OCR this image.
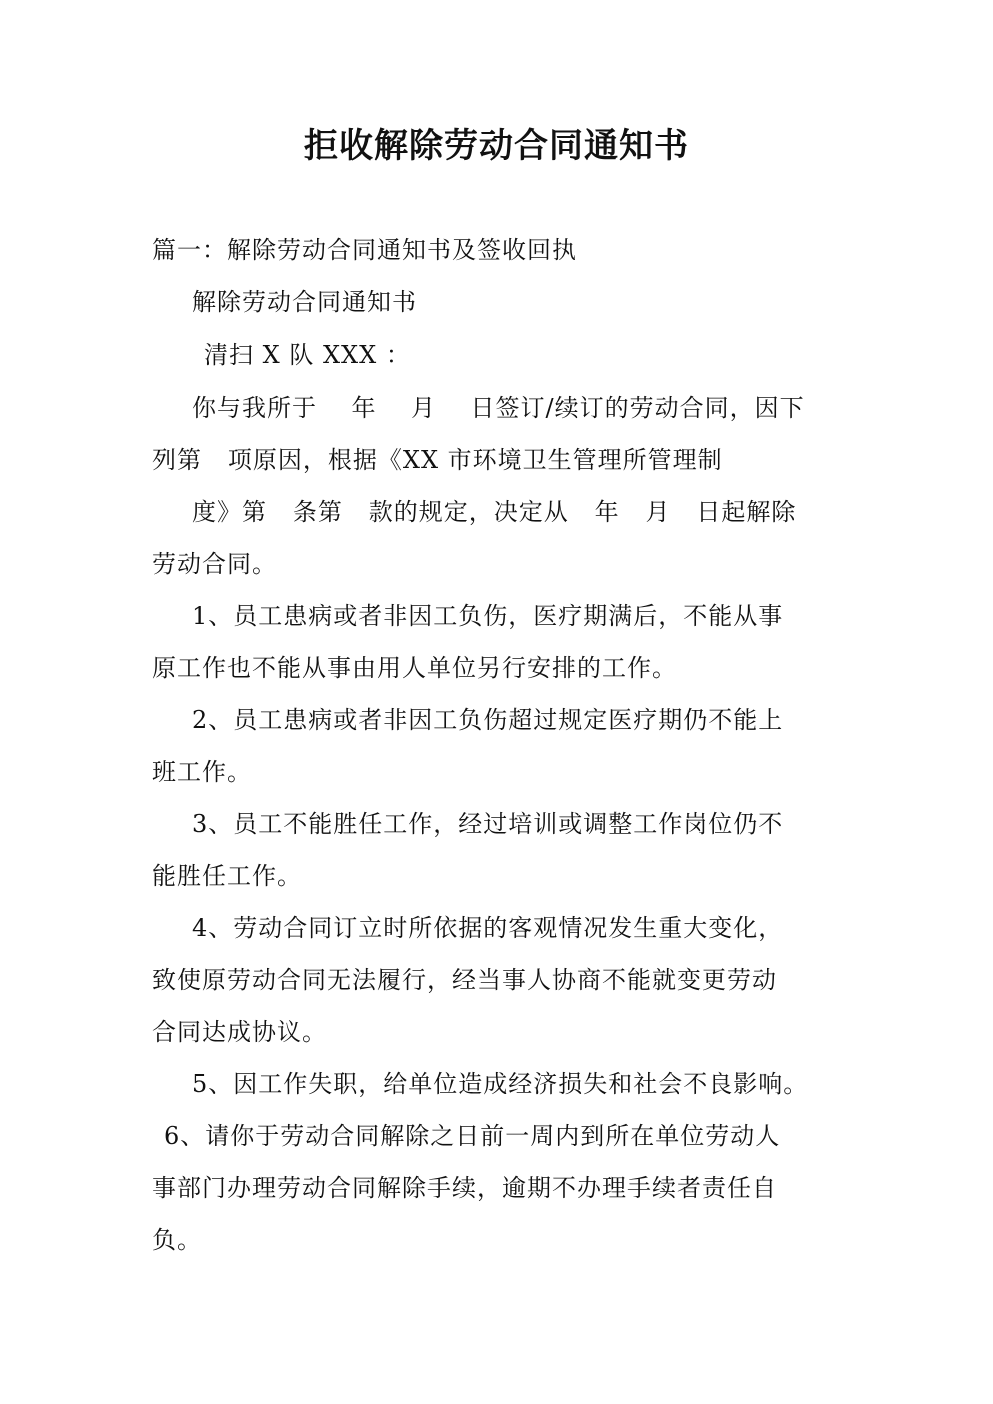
拒收解除劳动合同通知书
篇一：解除劳动合同通知书及签收回执
解除劳动合同通知书
清扫 X 队 XXX ：
你与我所于    年    月    日签订/续订的劳动合同，因下
列第   项原因，根据《XX 市环境卫生管理所管理制
度》第   条第   款的规定，决定从   年   月   日起解除
劳动合同。
1、员工患病或者非因工负伤，医疗期满后，不能从事
原工作也不能从事由用人单位另行安排的工作。
2、员工患病或者非因工负伤超过规定医疗期仍不能上
班工作。
3、员工不能胜任工作，经过培训或调整工作岗位仍不
能胜任工作。
4、劳动合同订立时所依据的客观情况发生重大变化，
致使原劳动合同无法履行，经当事人协商不能就变更劳动
合同达成协议。
5、因工作失职，给单位造成经济损失和社会不良影响。
6、请你于劳动合同解除之日前一周内到所在单位劳动人
事部门办理劳动合同解除手续，逾期不办理手续者责任自
负。
